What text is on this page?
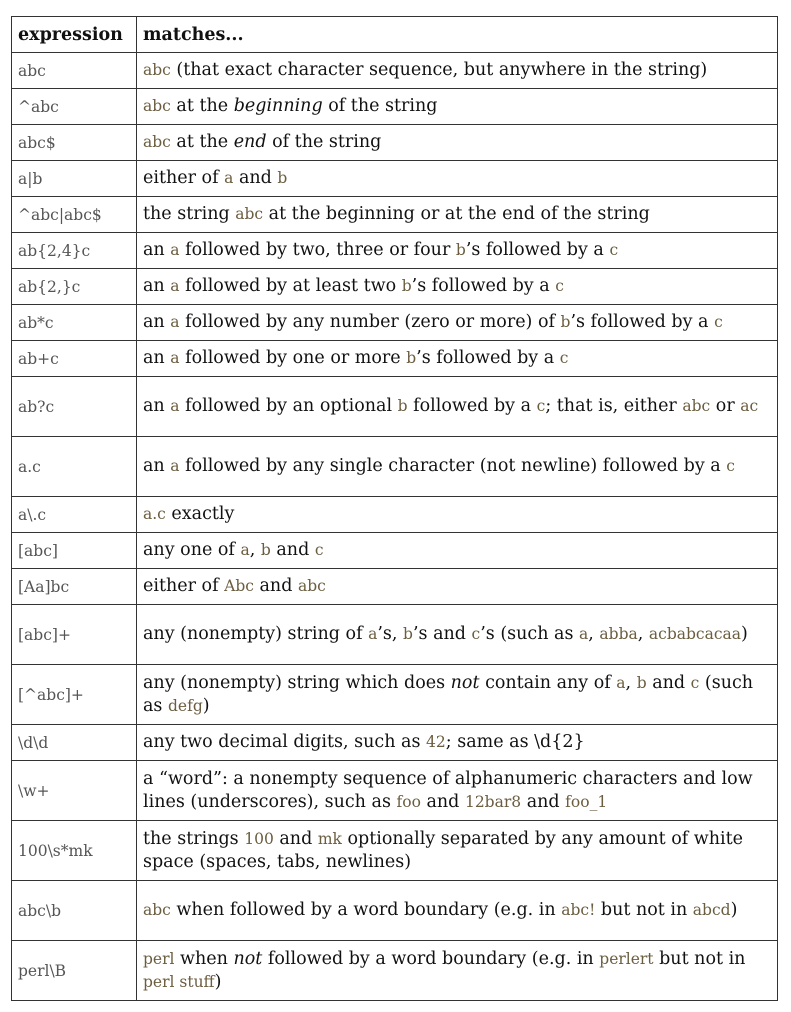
expression	matches...
abc	abc (that exact character sequence, but anywhere in the string)
^abc	abc at the beginning of the string
abc$	abc at the end of the string
a|b	either of a and b
^abc|abc$	the string abc at the beginning or at the end of the string
ab{2,4}c	an a followed by two, three or four b’s followed by a c
ab{2,}c	an a followed by at least two b’s followed by a c
ab*c	an a followed by any number (zero or more) of b’s followed by a c
ab+c	an a followed by one or more b’s followed by a c
ab?c	an a followed by an optional b followed by a c; that is, either abc or ac
a.c	an a followed by any single character (not newline) followed by a c
a\.c	a.c exactly
[abc]	any one of a, b and c
[Aa]bc	either of Abc and abc
[abc]+	any (nonempty) string of a’s, b’s and c’s (such as a, abba, acbabcacaa)
[^abc]+	any (nonempty) string which does not contain any of a, b and c (such as defg)
\d\d	any two decimal digits, such as 42; same as \d{2}
\w+	a “word”: a nonempty sequence of alphanumeric characters and low lines (underscores), such as foo and 12bar8 and foo_1
100\s*mk	the strings 100 and mk optionally separated by any amount of white space (spaces, tabs, newlines)
abc\b	abc when followed by a word boundary (e.g. in abc! but not in abcd)
perl\B	perl when not followed by a word boundary (e.g. in perlert but not in perl stuff)
